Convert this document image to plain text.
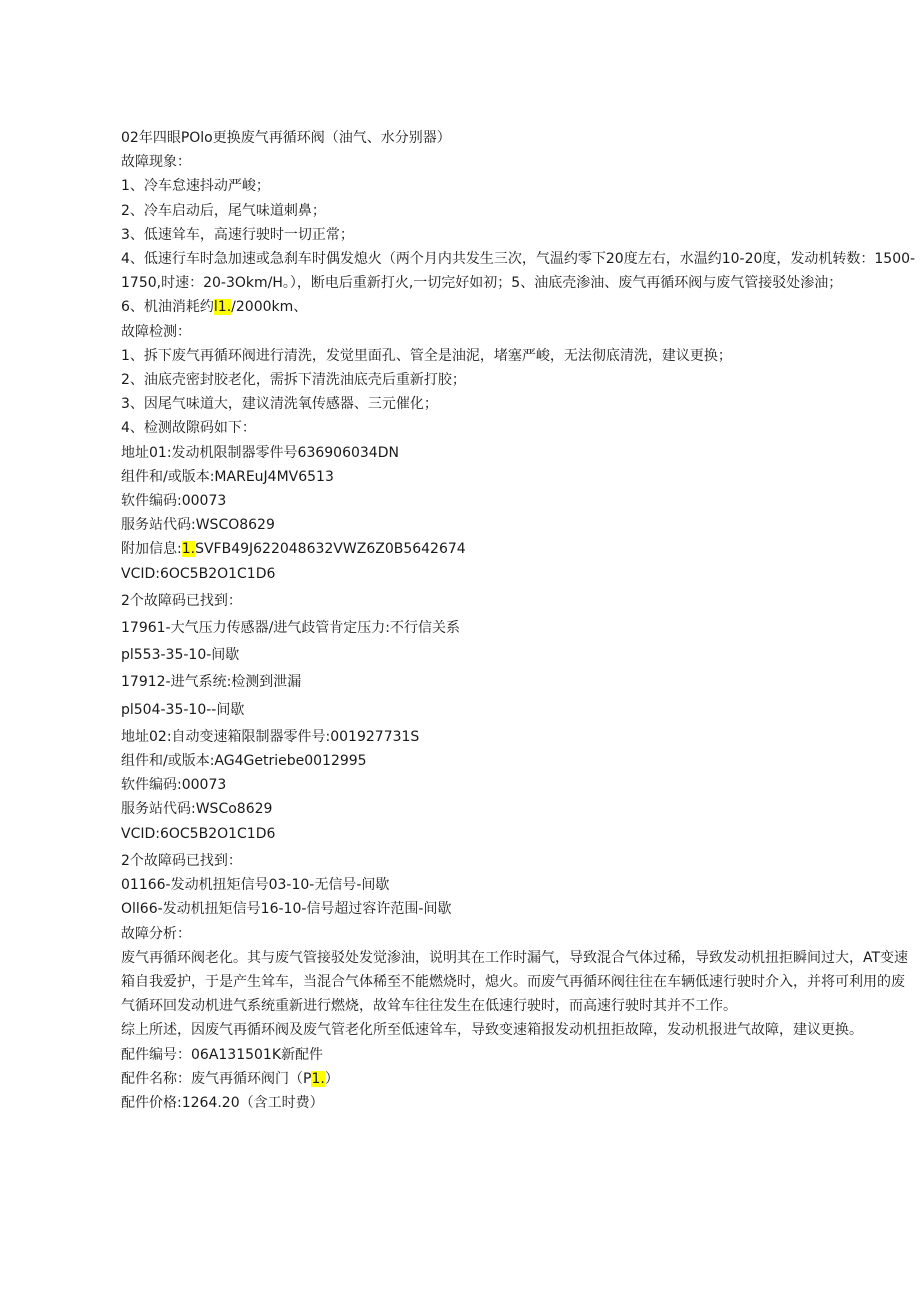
02年四眼POlo更换废气再循环阀（油气、水分别器）
故障现象：
1、冷车怠速抖动严峻；
2、冷车启动后，尾气味道刺鼻；
3、低速耸车，高速行驶时一切正常；
4、低速行车时急加速或急刹车时偶发熄火（两个月内共发生三次，气温约零下20度左右，水温约10-20度，发动机转数：1500-1750,时速：20-3Okm/H。），断电后重新打火,一切完好如初；5、油底壳渗油、废气再循环阀与废气管接驳处渗油；
6、机油消耗约l1./2000km、
故障检测：
1、拆下废气再循环阀进行清洗，发觉里面孔、管全是油泥，堵塞严峻，无法彻底清洗，建议更换；
2、油底壳密封胶老化，需拆下清洗油底壳后重新打胶；
3、因尾气味道大，建议清洗氧传感器、三元催化；
4、检测故隙码如下：
地址01:发动机限制器零件号636906034DN
组件和/或版本:MAREuJ4MV6513
软件编码:00073
服务站代码:WSCO8629
附加信息:1.SVFB49J622048632VWZ6Z0B5642674
VCID:6OC5B2O1C1D6
2个故障码已找到：
17961-大气压力传感器/进气歧管肯定压力:不行信关系
pl553-35-10-间歇
17912-进气系统:检测到泄漏
pl504-35-10--间歇
地址02:自动变速箱限制器零件号:001927731S
组件和/或版本:AG4Getriebe0012995
软件编码:00073
服务站代码:WSCo8629
VCID:6OC5B2O1C1D6
2个故障码已找到：
01166-发动机扭矩信号03-10-无信号-间歇
Oll66-发动机扭矩信号16-10-信号超过容许范围-间歇
故障分析：
废气再循环阀老化。其与废气管接驳处发觉渗油，说明其在工作时漏气，导致混合气体过稀，导致发动机扭拒瞬间过大，AT变速箱自我爱护，于是产生耸车，当混合气体稀至不能燃烧时，熄火。而废气再循环阀往往在车辆低速行驶时介入，并将可利用的废气循环回发动机进气系统重新进行燃烧，故耸车往往发生在低速行驶时，而高速行驶时其并不工作。
综上所述，因废气再循环阀及废气管老化所至低速耸车，导致变速箱报发动机扭拒故障，发动机报进气故障，建议更换。
配件编号：06A131501K新配件
配件名称：废气再循环阀门（P1.）
配件价格:1264.20（含工时费）
